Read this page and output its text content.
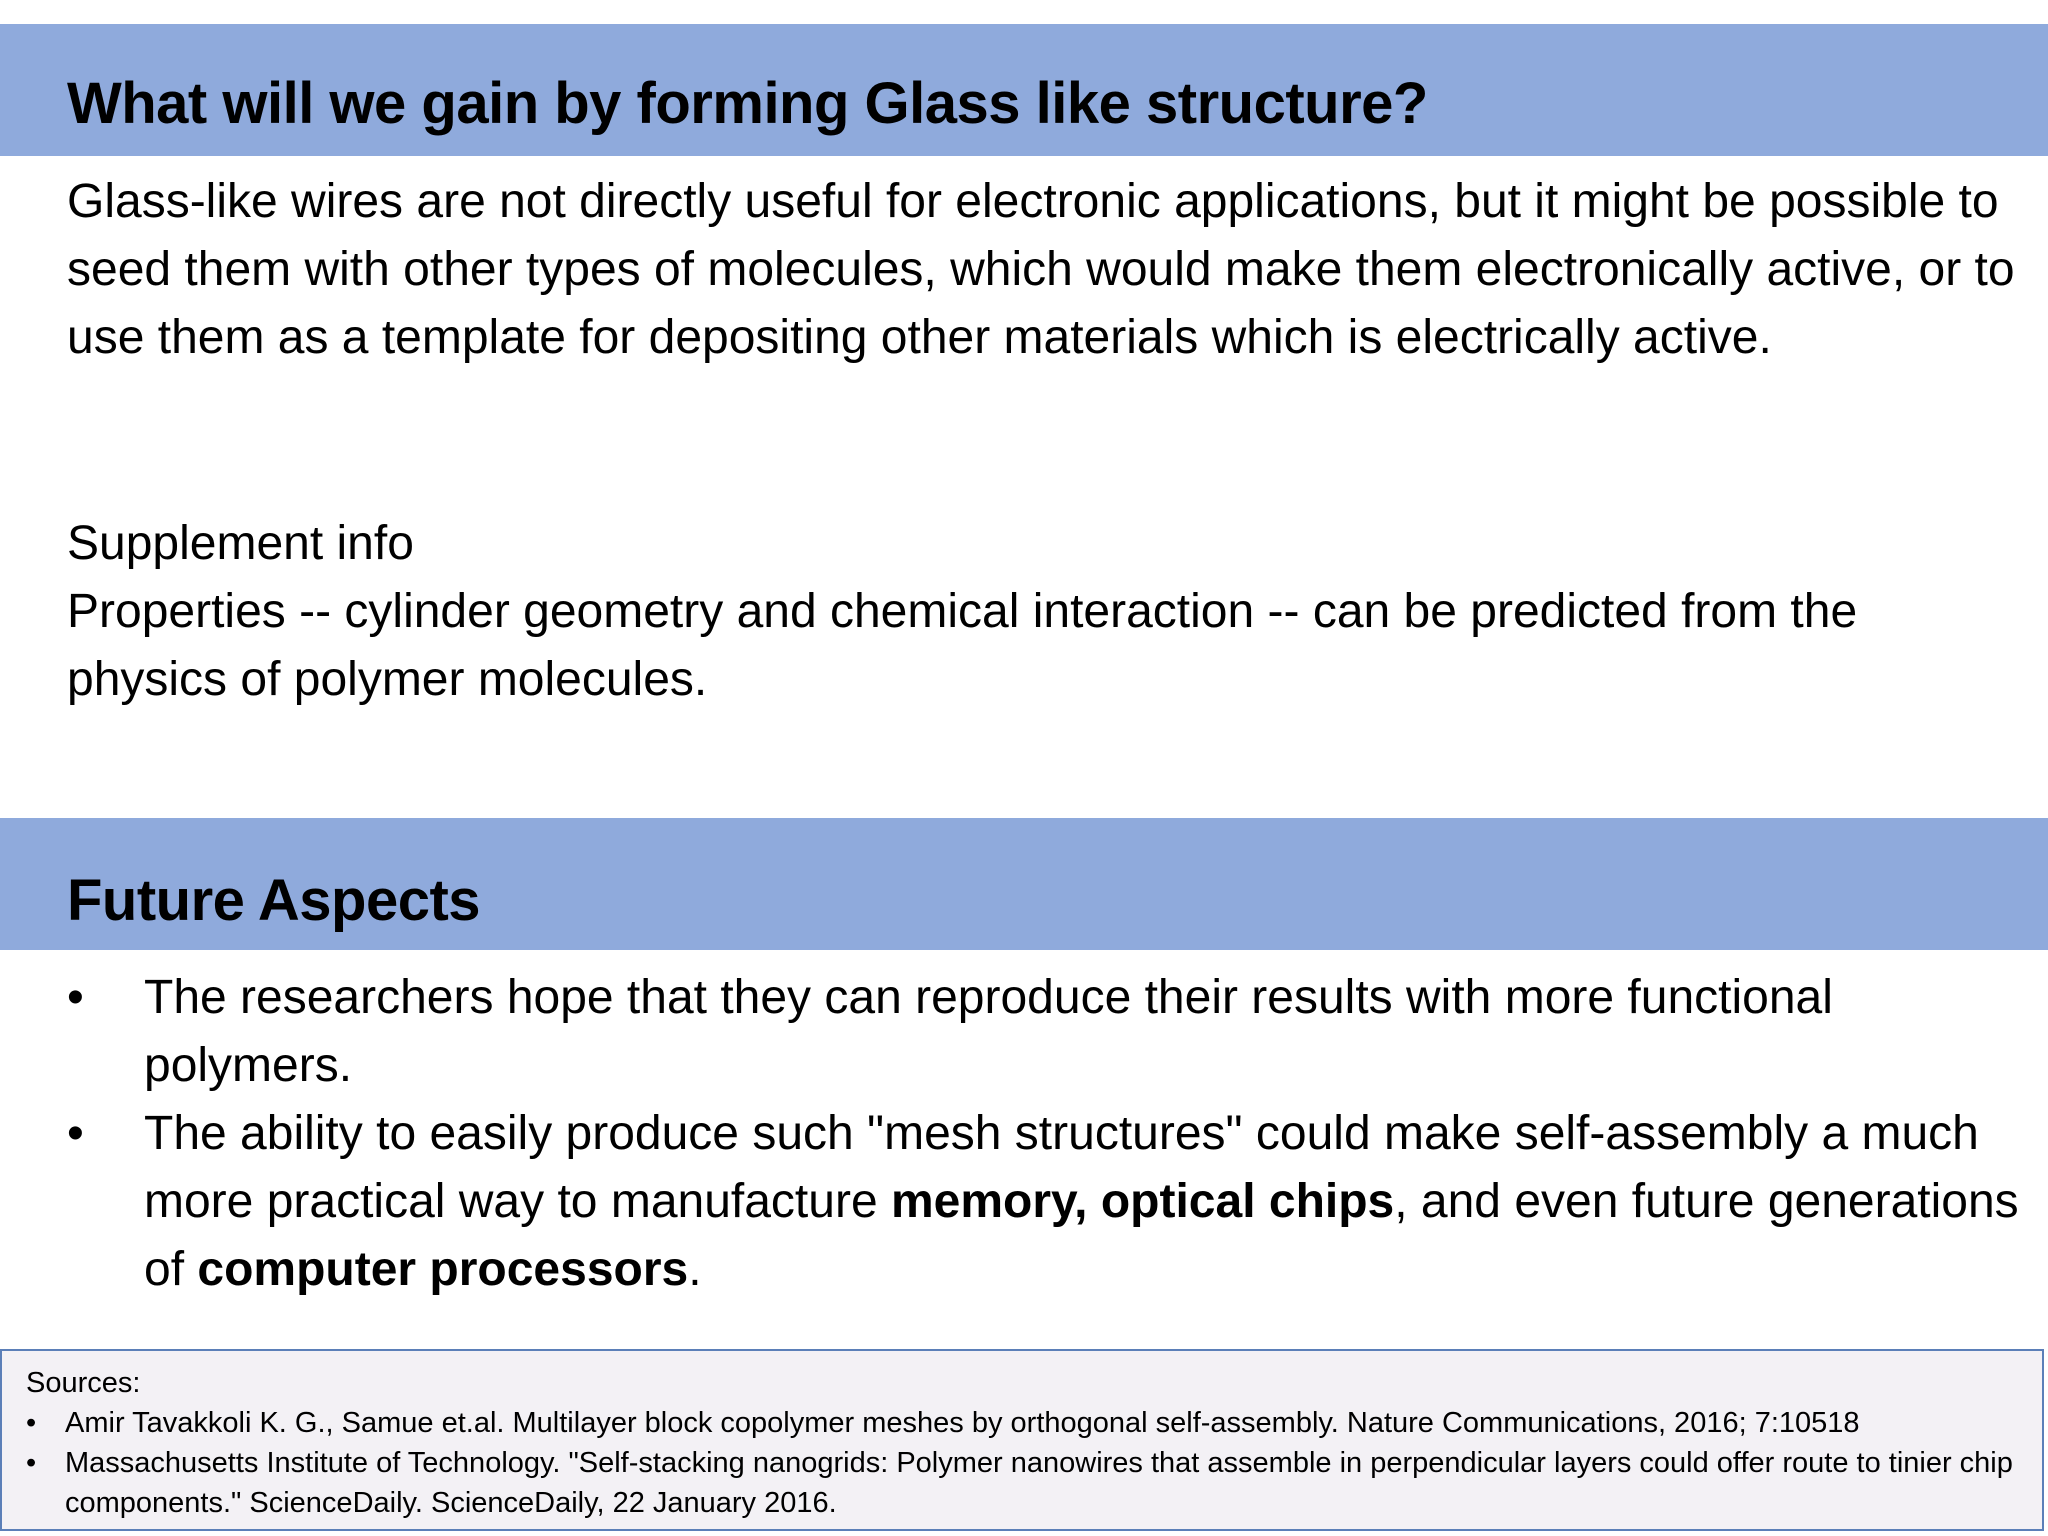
What will we gain by forming Glass like structure?

Glass-like wires are not directly useful for electronic applications, but it might be possible to seed them with other types of molecules, which would make them electronically active, or to use them as a template for depositing other materials which is electrically active.

Supplement info
Properties -- cylinder geometry and chemical interaction -- can be predicted from the physics of polymer molecules.
Future Aspects
• The researchers hope that they can reproduce their results with more functional polymers.
• The ability to easily produce such "mesh structures" could make self-assembly a much more practical way to manufacture memory, optical chips, and even future generations of computer processors.
Sources:
• Amir Tavakkoli K. G., Samue et.al. Multilayer block copolymer meshes by orthogonal self-assembly. Nature Communications, 2016; 7:10518
• Massachusetts Institute of Technology. "Self-stacking nanogrids: Polymer nanowires that assemble in perpendicular layers could offer route to tinier chip components." ScienceDaily. ScienceDaily, 22 January 2016.
